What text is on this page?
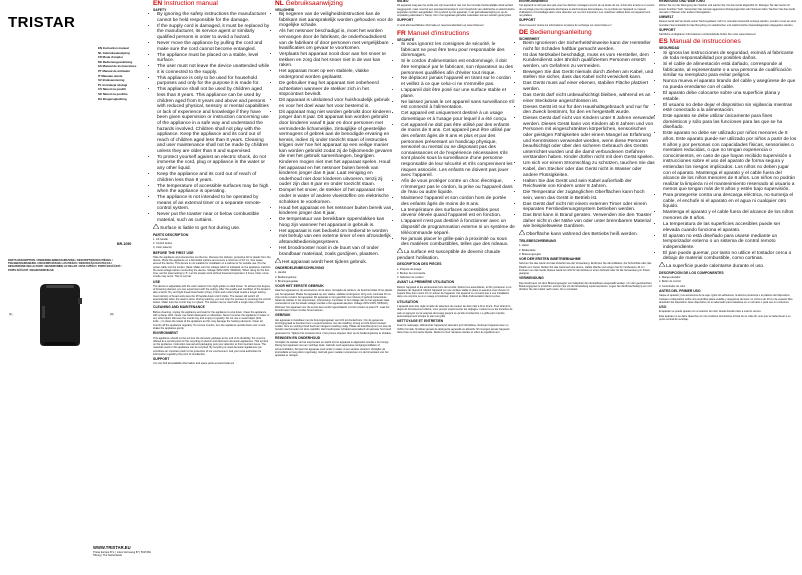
TRISTAR
EN Instruction manual
NL Gebruiksaanwijzing
FR Mode d'emploi
DE Bedienungsanleitung
ES Manual de instrucciones
PT Manual de utilizador
IT Manuale utente
SV Bruksanvisning
PL Instrukcja obsługi
CS Návod na použití
SK Návod na použitie
DA Brugervejledning
BR-1050
PARTS DESCRIPTION / ONDERDELENBESCHRIJVING / DESCRIPTION DES PIÈCES / TEILEBESCHREIBUNG / DESCRIPCIÓN DE LAS PIEZAS / DESCRIÇÃO DAS PEÇAS / DESCRIZIONE DELLE PARTI / BESKRIVNING AV DELAR / OPIS CZĘŚCI / POPIS SOUČÁSTÍ / POPIS SÚČASTÍ / DELBESKRIVELSE
[1]	[3]
WWW.TRISTAR.EU
Tristar Europe B.V. | Jules Verneweg 87 | 5015 BH Tilburg | The Netherlands
EN Instruction manual
SAFETY
• By ignoring the safety instructions the manufacturer cannot be held responsible for the damage.
• If the supply cord is damaged, it must be replaced by the manufacturer, its service agent or similarly qualified persons in order to avoid a hazard.
• Never move the appliance by pulling the cord and make sure the cord cannot become entangled.
• The appliance must be placed on a stable, level surface.
• The user must not leave the device unattended while it is connected to the supply.
• This appliance is only to be used for household purposes and only for the purpose it is made for.
• This appliance shall not be used by children aged less than 8 years. This appliance can be used by children aged from 8 years and above and persons with reduced physical, sensory or mental capabilities or lack of experience and knowledge if they have been given supervision or instruction concerning use of the appliance in a safe way and understand the hazards involved. Children shall not play with the appliance. Keep the appliance and its cord out of reach of children aged less than 8 years. Cleaning and user maintenance shall not be made by children unless they are older than 8 and supervised.
• To protect yourself against an electric shock, do not immerse the cord, plug or appliance in the water or any other liquid.
• Keep the appliance and its cord out of reach of children less than 8 years.
• The temperature of accessible surfaces may be high when the appliance is operating.
• The appliance is not intended to be operated by means of an external timer or a separate remote-control system.
• Never put the toaster near or below combustible material, such as curtains.
Surface is liable to get hot during use.
PARTS DESCRIPTION

1. Lift handle

2. Control button

3. Color selector

BEFORE THE FIRST USE

Take the appliance and accessories out the box. Remove the stickers, protective foil or plastic from the device. Place the appliance on a flat stable surface and ensure a minimum of 10 cm. free space around the device. This device is not suitable for installation in a cabinet or for outside use. Put the power cable into the socket. (Note: Make sure the voltage which is indicated on the appliance matches the local voltage before connecting the device. Voltage 220V-240V, 50/60Hz). When using for the first time, set the toast setting to '6'. Let the toaster work without bread and operate it 3 times. Note: some smoke may occur. This is normal.

USE

The device is adjustable with the color selector from light golden to dark brown. To achieve the degree of browning desired, you can experiment with the setting. After the quality and condition of the bread is also a factor. Dry and light bread toast faster (crisp). Fresh and moist bread needs a longer setting. Insert slice(s) of bread and press the lift handle down until it clicks. The toaster will switch off automatically when the toast is done. During toasting, you can stop the process by pressing the control button. Make sure the crumb tray is in place. The toaster can be used with a single slice of bread.

CLEANING AND MAINTENANCE

Before cleaning, unplug the appliance and wait for the appliance to cool down. Clean the appliance with a damp cloth. Never use harsh detergents or abrasives. Never immerse the appliance in water or any other liquid. Remove the crumb tray and empty it regularly. Do not use a metal object (fork, knife...) to clean the inside of the appliance as this may damage the heating elements. Clean all crumbs off the appliance regularly. To remove crumbs, turn the appliance upside down over a sink, shake the appliance gently.

ENVIRONMENT

This appliance should not be put into the domestic garbage at the end of its durability, but must be offered at a central point for the recycling of electric and electronic domestic appliances. This symbol on the appliance, instruction manual and packaging puts your attention to this important issue. The materials used in this appliance can be recycled. By recycling of used domestic appliances you contribute an important push to the protection of our environment. Ask your local authorities for information regarding the point of recollection.

SUPPORT

You can find all available information and spare parts at www.tristar.eu!

NL Gebruiksaanwijzing
VEILIGHEID
• Bij negeren van de veiligheidsinstructies kan de fabrikant niet aansprakelijk worden gehouden voor de mogelijke schade.
• Als het netsnoer beschadigd is, moet het worden vervangen door de fabrikant, de onderhoudsdienst van de fabrikant of door personen met vergelijkbare kwalificaties om gevaar te voorkomen.
• Verplaats het apparaat nooit door aan het snoer te trekken en zorg dat het snoer niet in de war kan raken.
• Het apparaat moet op een stabiele, vlakke ondergrond worden geplaatst.
• De gebruiker mag het apparaat niet onbeheerd achterlaten wanneer de stekker zich in het stopcontact bevindt.
• Dit apparaat is uitsluitend voor huishoudelijk gebruik en voor het doel waar het voor bestemd is.
• Dit apparaat mag niet worden gebruikt door kinderen jonger dan 8 jaar. Dit apparaat kan worden gebruikt door kinderen vanaf 8 jaar en door personen met verminderde lichamelijke, zintuiglijke of geestelijke vermogens of gebrek aan de benodigde ervaring en kennis, indien zij onder toezicht staan of instructies krijgen over hoe het apparaat op een veilige manier kan worden gebruikt zodat zij de bijkomende gevaren die met het gebruik samenhangen, begrijpen. Kinderen mogen niet met het apparaat spelen. Houd het apparaat en het netsnoer buiten bereik van kinderen jonger dan 8 jaar. Laat reiniging en onderhoud niet door kinderen uitvoeren, tenzij zij ouder zijn dan 8 jaar en onder toezicht staan.
• Dompel het snoer, de stekker of het apparaat niet onder in water of andere vloeistoffen om elektrische schokken te voorkomen.
• Houd het apparaat en het netsnoer buiten bereik van kinderen jonger dan 8 jaar.
• De temperatuur van bereikbare oppervlakken kan hoog zijn wanneer het apparaat in gebruik is.
• Het apparaat is niet bedoeld om bediend te worden met behulp van een externe timer of een afzonderlijk afstandsbedieningssysteem.
• Het broodrooster nooit in de buurt van of onder brandbaar materiaal, zoals gordijnen, plaatsen.
Het apparaat wordt heet tijdens gebruik.
ONDERDELENBESCHRIJVING

1. Hendel

2. Bedieningsknop

3. Bruiningsregelaar

VOOR HET EERSTE GEBRUIK

Haal het apparaat en de accessoires uit de doos. Verwijder de stickers, de beschermfolie of het plastic van het apparaat. Plaats het apparaat op een vlakke, stabiele ondergrond. Zorg voor minimaal 10 cm. vrije ruimte rondom het apparaat. Dit apparaat is niet geschikt voor inbouw of gebruik buitenshuis. Steek de stekker in het stopcontact. (Opmerking: controleer of het voltage dat op het apparaat staat overeenkomt met het lokale voltage voordat u het apparaat aansluit. Voltage 220V-240V, 50/60Hz). Wanneer het apparaat voor de eerste keer wordt ingeschakeld, zet het rooster op stand '6'. Laat het broodrooster 3 keer zonder brood werken.

GEBRUIK

Het apparaat is instelbaar met de bruiningsregelaar van licht tot donkerbruin. Om de gewenste bruiningsgraad te bereiken kunt u experimenteren met de instelling. Droog en licht brood roostert sneller. Vers en vochtig brood heeft een langere instelling nodig. Plaats de boterham(men) en duw de hendel naar beneden tot deze vastklikt. Het broodrooster schakelt automatisch uit wanneer het brood geroosterd is. Tijdens het roosteren kunt u het proces stoppen door op de bedieningsknop te drukken.

REINIGEN EN ONDERHOUD

Verwijder de stekker uit het stopcontact en wacht tot het apparaat is afgekoeld voordat u het reinigt. Reinig het apparaat met een vochtige doek. Gebruik nooit agressieve reinigingsmiddelen of schuurmiddelen. Dompel het apparaat nooit onder in water of een andere vloeistof. Verwijder de kruimellade en leeg deze regelmatig. Gebruik geen metalen voorwerpen om de binnenkant van het apparaat te reinigen.

MILIEU

Dit apparaat mag aan het einde van zijn levensduur niet met het normale huishoudelijke afval worden weggegooid, maar moet bij een speciaal inzamelpunt voor hergebruik van elektrische en elektronische apparaten worden aangeboden. Dit symbool op het apparaat, in de gebruiksaanwijzing en op de verpakking attendeert u hierop. De in het apparaat gebruikte materialen kunnen worden gerecycled.

SUPPORT

U vindt alle beschikbare informatie en reserveonderdelen op www.tristar.eu!

FR Manuel d'instructions
SÉCURITÉ
• Si vous ignorez les consignes de sécurité, le fabricant ne peut être tenu pour responsable des dommages.
• Si le cordon d'alimentation est endommagé, il doit être remplacé par le fabricant, son réparateur ou des personnes qualifiées afin d'éviter tout risque.
• Ne déplacez jamais l'appareil en tirant sur le cordon et veillez à ce que celui-ci ne s'emmêle pas.
• L'appareil doit être posé sur une surface stable et plane.
• Ne laissez jamais le cet appareil sans surveillance s'il est connecté à l'alimentation.
• Cet appareil est uniquement destiné à un usage domestique et à l'usage pour lequel il a été conçu.
• Cet appareil ne doit pas être utilisé par des enfants de moins de 8 ans. Cet appareil peut être utilisé par des enfants âgés de 8 ans et plus et par des personnes présentant un handicap physique, sensoriel ou mental ou ne disposant pas des connaissances et de l'expérience nécessaires s'ils sont placés sous la surveillance d'une personne responsable de leur sécurité et s'ils comprennent les risques associés. Les enfants ne doivent pas jouer avec l'appareil.
• Afin de vous protéger contre un choc électrique, n'immergez pas le cordon, la prise ou l'appareil dans de l'eau ou autre liquide.
• Maintenez l'appareil et son cordon hors de portée des enfants âgés de moins de 8 ans.
• La température des surfaces accessibles peut devenir élevée quand l'appareil est en fonction.
• L'appareil n'est pas destiné à fonctionner avec un dispositif de programmation externe ni un système de télécommande séparé.
• Ne jamais placer le grille-pain à proximité ou sous des matières combustibles, telles que des rideaux.
La surface est susceptible de devenir chaude pendant l'utilisation.
DESCRIPTION DES PIÈCES

1. Poignée de levage

2. Bouton de commande

3. Sélecteur de couleur

AVANT LA PREMIÈRE UTILISATION

Retirez l'appareil et les accessoires hors de la boîte. Retirez les autocollants, le film protecteur ou le plastique de l'appareil. Mettez l'appareil sur une surface stable et plane et assurez-vous d'avoir un espace libre d'au moins 10 cm autour de l'appareil. Cet appareil ne convient pas à une installation dans une armoire ou à un usage à l'extérieur. Insérez le câble d'alimentation dans la prise.

UTILISATION

L'appareil peut être réglé à l'aide du sélecteur de couleur de doré clair à brun foncé. Pour obtenir le degré de brunissement désiré, vous pouvez expérimenter les réglages. Insérez la ou les tranches de pain et appuyez sur la poignée de levage jusqu'à ce qu'elle s'enclenche. Le grille-pain s'arrête automatiquement lorsque le pain est grillé.

NETTOYAGE ET ENTRETIEN

Avant le nettoyage, débranchez l'appareil et attendez qu'il refroidisse. Nettoyez l'appareil avec un chiffon humide. N'utilisez jamais de détergents agressifs ou abrasifs. N'immergez jamais l'appareil dans l'eau ou tout autre liquide. Retirez le tiroir ramasse-miettes et videz-le régulièrement.

ENVIRONNEMENT

Cet appareil ne doit pas être jeté avec les déchets ménagers à la fin de sa durée de vie. Il doit être amené à un centre de recyclage pour les appareils électriques et électroniques domestiques. Ce symbole sur l'appareil, le manuel d'utilisation et l'emballage attire votre attention sur ce point important. Les matériaux utilisés dans cet appareil sont recyclables.

SUPPORT

Vous trouverez toutes les informations et pièces de rechange sur www.tristar.eu !

DE Bedienungsanleitung
SICHERHEIT
• Beim Ignorieren der Sicherheitshinweise kann der Hersteller nicht für Schäden haftbar gemacht werden.
• Ist das Netzkabel beschädigt, muss es vom Hersteller, dem Kundendienst oder ähnlich qualifizierten Personen ersetzt werden, um Gefahren zu vermeiden.
• Bewegen Sie das Gerät niemals durch Ziehen am Kabel, und stellen Sie sicher, dass das Kabel nicht verwickelt kann.
• Das Gerät muss auf einer ebenen, stabilen Fläche platziert werden.
• Das Gerät darf nicht unbeaufsichtigt bleiben, während es an einer Steckdose angeschlossen ist.
• Dieses Gerät ist nur für den Haushaltsgebrauch und nur für den Zweck bestimmt, für den es hergestellt wurde.
• Dieses Gerät darf nicht von Kindern unter 8 Jahren verwendet werden. Dieses Gerät kann von Kindern ab 8 Jahren und von Personen mit eingeschränkten körperlichen, sensorischen oder geistigen Fähigkeiten oder einem Mangel an Erfahrung und Kenntnissen verwendet werden, wenn diese Personen beaufsichtigt oder über den sicheren Gebrauch des Geräts unterrichtet wurden und die damit verbundenen Gefahren verstanden haben. Kinder dürfen nicht mit dem Gerät spielen.
• Um sich vor einem Stromschlag zu schützen, tauchen Sie das Kabel, den Stecker oder das Gerät nicht in Wasser oder andere Flüssigkeiten.
• Halten Sie das Gerät und sein Kabel außerhalb der Reichweite von Kindern unter 8 Jahren.
• Die Temperatur der zugänglichen Oberflächen kann hoch sein, wenn das Gerät in Betrieb ist.
• Das Gerät darf nicht mit einem externen Timer oder einem separaten Fernbedienungssystem betrieben werden.
• Das Brot kann in Brand geraten. Verwenden Sie den Toaster daher nicht in der Nähe von oder unter brennbarem Material wie beispielsweise Gardinen.
Oberfläche kann während des Betriebs heiß werden.
TEILEBESCHREIBUNG

1. Hebel

2. Bedientaste

3. Bräunungsregler

VOR DER ERSTEN INBETRIEBNAHME

Nehmen Sie das Gerät und das Zubehör aus der Verpackung. Entfernen Sie die Aufkleber, die Schutzfolie oder das Plastik vom Gerät. Stellen Sie das Gerät auf eine ebene, stabile Fläche und sorgen Sie für mindestens 10 cm Freiraum um das Gerät. Dieses Gerät ist nicht für den Einbau in einen Schrank oder für die Verwendung im Freien geeignet.

VERWENDUNG

Das Gerät kann mit dem Bräunungsregler von hellgolden bis dunkelbraun eingestellt werden. Um den gewünschten Bräunungsgrad zu erreichen, können Sie mit der Einstellung experimentieren. Legen Sie die Brotscheibe(n) ein und drücken Sie den Hebel nach unten, bis er einrastet.

REINIGUNG UND WARTUNG

Ziehen Sie vor der Reinigung den Stecker und warten Sie, bis das Gerät abgekühlt ist. Reinigen Sie das Gerät mit einem feuchten Tuch. Verwenden Sie niemals aggressive Reinigungsmittel oder Scheuermittel. Tauchen Sie das Gerät niemals in Wasser oder andere Flüssigkeiten.

UMWELT

Dieses Gerät darf am Ende seiner Nutzungsdauer nicht im normalen Hausmüll entsorgt werden, sondern muss an einer zentralen Sammelstelle für das Recycling von elektrischen und elektronischen Haushaltsgeräten abgegeben werden.

SUPPORT

Sämtliche verfügbaren Informationen und Ersatzteile finden Sie unter www.tristar.eu!

ES Manual de instrucciones
SEGURIDAD
• Si ignora las instrucciones de seguridad, eximirá al fabricante de toda responsabilidad por posibles daños.
• Si el cable de alimentación está dañado, corresponde al fabricante, al representante o a una persona de cualificación similar su reemplazo para evitar peligros.
• Nunca mueva el aparato tirando del cable y asegúrese de que no pueda enredarse con el cable.
• El aparato debe colocarse sobre una superficie plana y estable.
• El usuario no debe dejar el dispositivo sin vigilancia mientras esté conectado a la alimentación.
• Este aparato se debe utilizar únicamente para fines domésticos y sólo para las funciones para las que se ha diseñado.
• Este aparato no debe ser utilizado por niños menores de 8 años. Este aparato puede ser utilizado por niños a partir de los 8 años y por personas con capacidades físicas, sensoriales o mentales reducidas, o que no tengan experiencia o conocimientos, en caso de que hayan recibido supervisión o instrucciones sobre el uso del aparato de forma segura y entiendan los riesgos implicados. Los niños no deben jugar con el aparato. Mantenga el aparato y el cable fuera del alcance de los niños menores de 8 años. Los niños no podrán realizar la limpieza ni el mantenimiento reservado al usuario a menos que tengan más de 8 años y estén bajo supervisión.
• Para protegerse contra una descarga eléctrica, no sumerja el cable, el enchufe ni el aparato en el agua ni cualquier otro líquido.
• Mantenga el aparato y el cable fuera del alcance de los niños menores de 8 años.
• La temperatura de las superficies accesibles puede ser elevada cuando funciona el aparato.
• El aparato no está diseñado para usarse mediante un temporizador externo o un sistema de control remoto independiente.
• El pan puede quemar, por tanto no utilice el tostador cerca o debajo de material combustible, como cortinas.
La superficie puede calentarse durante el uso.
DESCRIPCIÓN DE LOS COMPONENTES

1. Mango elevador

2. Botón de control

3. Controlador de color

ANTES DEL PRIMER USO

Saque el aparato y los accesorios de la caja. Quite los adhesivos, la lámina protectora o el plástico del dispositivo. Coloque el dispositivo sobre una superficie plana estable y asegúrese de tener un mínimo de 10 cm de espacio libre alrededor del dispositivo. Este dispositivo no es adecuado para instalarse en un armario o para uso en exteriores.

USO

El aparato se puede ajustar con el selector de color desde dorado claro a marrón oscuro.

Este aparato no se debe desechar con los residuos domésticos al final de su vida útil, sino que se debe llevar a un punto central de reciclaje.
